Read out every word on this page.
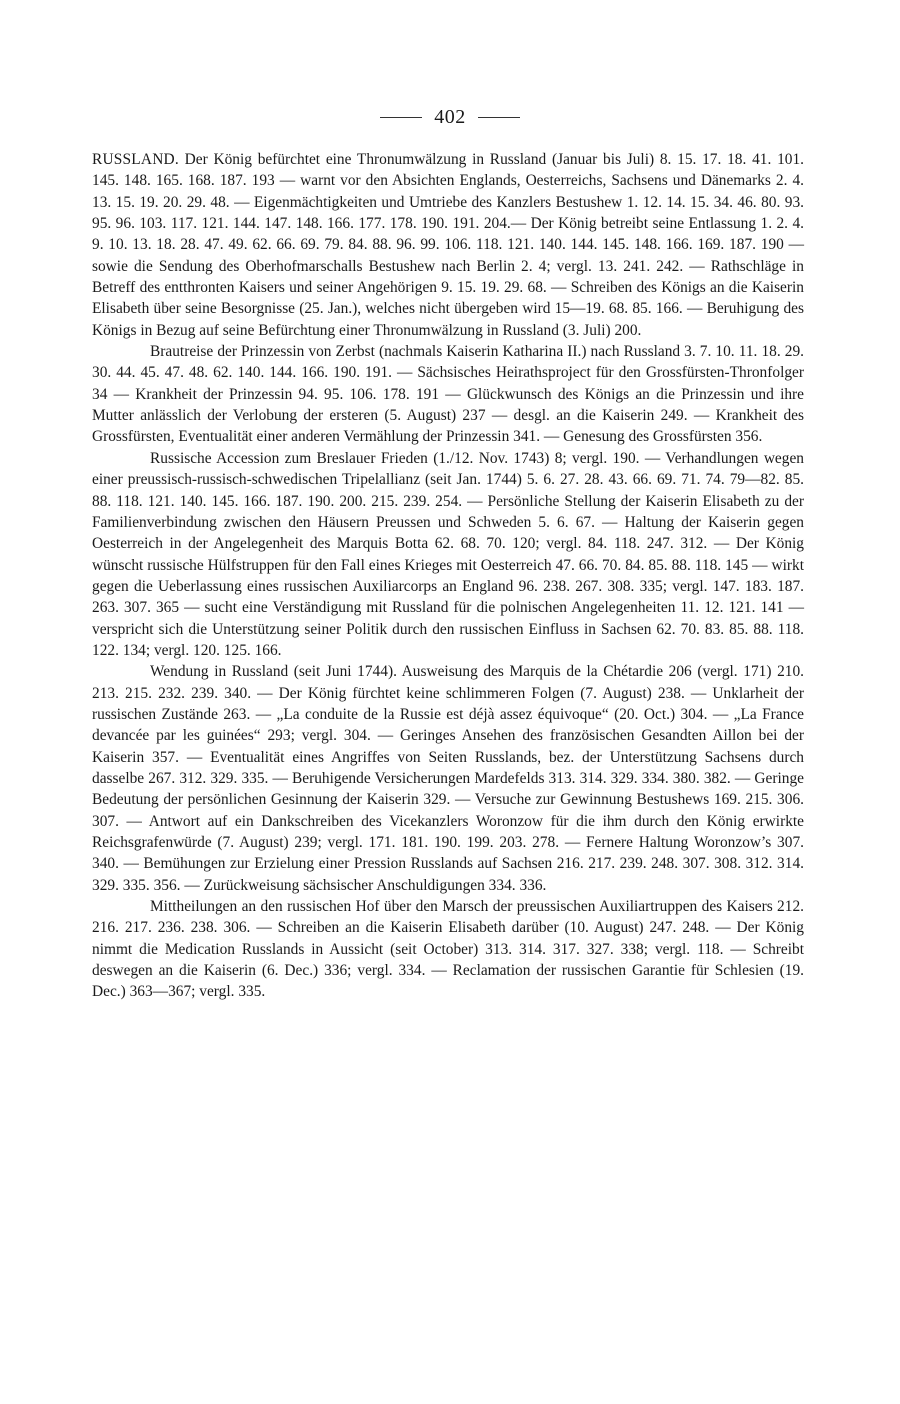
402

RUSSLAND. Der König befürchtet eine Thronumwälzung in Russland (Januar bis Juli) 8. 15. 17. 18. 41. 101. 145. 148. 165. 168. 187. 193 — warnt vor den Absichten Englands, Oesterreichs, Sachsens und Dänemarks 2. 4. 13. 15. 19. 20. 29. 48. — Eigenmächtigkeiten und Umtriebe des Kanzlers Bestushew 1. 12. 14. 15. 34. 46. 80. 93. 95. 96. 103. 117. 121. 144. 147. 148. 166. 177. 178. 190. 191. 204.— Der König betreibt seine Entlassung 1. 2. 4. 9. 10. 13. 18. 28. 47. 49. 62. 66. 69. 79. 84. 88. 96. 99. 106. 118. 121. 140. 144. 145. 148. 166. 169. 187. 190 — sowie die Sendung des Oberhofmarschalls Bestushew nach Berlin 2. 4; vergl. 13. 241. 242. — Rathschläge in Betreff des entthronten Kaisers und seiner Angehörigen 9. 15. 19. 29. 68. — Schreiben des Königs an die Kaiserin Elisabeth über seine Besorgnisse (25. Jan.), welches nicht übergeben wird 15—19. 68. 85. 166. — Beruhigung des Königs in Bezug auf seine Befürchtung einer Thronumwälzung in Russland (3. Juli) 200.

Brautreise der Prinzessin von Zerbst (nachmals Kaiserin Katharina II.) nach Russland 3. 7. 10. 11. 18. 29. 30. 44. 45. 47. 48. 62. 140. 144. 166. 190. 191. — Sächsisches Heirathsproject für den Grossfürsten-Thronfolger 34 — Krankheit der Prinzessin 94. 95. 106. 178. 191 — Glückwunsch des Königs an die Prinzessin und ihre Mutter anlässlich der Verlobung der ersteren (5. August) 237 — desgl. an die Kaiserin 249. — Krankheit des Grossfürsten, Eventualität einer anderen Vermählung der Prinzessin 341. — Genesung des Grossfürsten 356.

Russische Accession zum Breslauer Frieden (1./12. Nov. 1743) 8; vergl. 190. — Verhandlungen wegen einer preussisch-russisch-schwedischen Tripelallianz (seit Jan. 1744) 5. 6. 27. 28. 43. 66. 69. 71. 74. 79—82. 85. 88. 118. 121. 140. 145. 166. 187. 190. 200. 215. 239. 254. — Persönliche Stellung der Kaiserin Elisabeth zu der Familienverbindung zwischen den Häusern Preussen und Schweden 5. 6. 67. — Haltung der Kaiserin gegen Oesterreich in der Angelegenheit des Marquis Botta 62. 68. 70. 120; vergl. 84. 118. 247. 312. — Der König wünscht russische Hülfstruppen für den Fall eines Krieges mit Oesterreich 47. 66. 70. 84. 85. 88. 118. 145 — wirkt gegen die Ueberlassung eines russischen Auxiliarcorps an England 96. 238. 267. 308. 335; vergl. 147. 183. 187. 263. 307. 365 — sucht eine Verständigung mit Russland für die polnischen Angelegenheiten 11. 12. 121. 141 — verspricht sich die Unterstützung seiner Politik durch den russischen Einfluss in Sachsen 62. 70. 83. 85. 88. 118. 122. 134; vergl. 120. 125. 166.

Wendung in Russland (seit Juni 1744). Ausweisung des Marquis de la Chétardie 206 (vergl. 171) 210. 213. 215. 232. 239. 340. — Der König fürchtet keine schlimmeren Folgen (7. August) 238. — Unklarheit der russischen Zustände 263. — „La conduite de la Russie est déjà assez équivoque“ (20. Oct.) 304. — „La France devancée par les guinées“ 293; vergl. 304. — Geringes Ansehen des französischen Gesandten Aillon bei der Kaiserin 357. — Eventualität eines Angriffes von Seiten Russlands, bez. der Unterstützung Sachsens durch dasselbe 267. 312. 329. 335. — Beruhigende Versicherungen Mardefelds 313. 314. 329. 334. 380. 382. — Geringe Bedeutung der persönlichen Gesinnung der Kaiserin 329. — Versuche zur Gewinnung Bestushews 169. 215. 306. 307. — Antwort auf ein Dankschreiben des Vicekanzlers Woronzow für die ihm durch den König erwirkte Reichsgrafenwürde (7. August) 239; vergl. 171. 181. 190. 199. 203. 278. — Fernere Haltung Woronzow’s 307. 340. — Bemühungen zur Erzielung einer Pression Russlands auf Sachsen 216. 217. 239. 248. 307. 308. 312. 314. 329. 335. 356. — Zurückweisung sächsischer Anschuldigungen 334. 336.

Mittheilungen an den russischen Hof über den Marsch der preussischen Auxiliartruppen des Kaisers 212. 216. 217. 236. 238. 306. — Schreiben an die Kaiserin Elisabeth darüber (10. August) 247. 248. — Der König nimmt die Medication Russlands in Aussicht (seit October) 313. 314. 317. 327. 338; vergl. 118. — Schreibt deswegen an die Kaiserin (6. Dec.) 336; vergl. 334. — Reclamation der russischen Garantie für Schlesien (19. Dec.) 363—367; vergl. 335.
